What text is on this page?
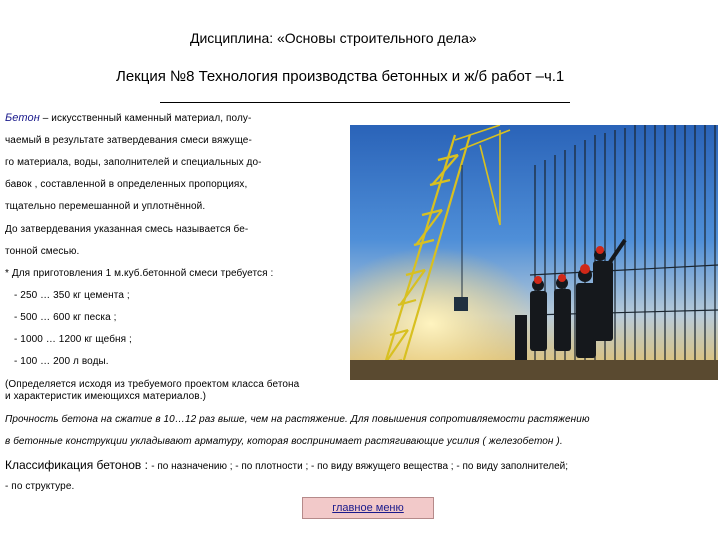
Дисциплина: «Основы строительного дела»
Лекция №8 Технология производства бетонных и ж/б работ –ч.1
Бетон – искусственный каменный материал, полу-
чаемый в результате затвердевания смеси вяжуще-
го материала, воды, заполнителей и специальных до-
бавок , составленной в определенных пропорциях,
тщательно перемешанной и уплотнённой.
До затвердевания указанная смесь называется бе-
тонной смесью.
* Для приготовления 1 м.куб.бетонной смеси требуется :
- 250 … 350 кг цемента ;
- 500 … 600 кг песка ;
- 1000 … 1200 кг щебня ;
- 100 … 200 л воды.
(Определяется исходя из требуемого проектом класса бетона
и характеристик имеющихся материалов.)
Прочность бетона на сжатие в 10…12 раз выше, чем на растяжение. Для повышения сопротивляемости растяжению
в бетонные конструкции укладывают арматуру, которая воспринимает растягивающие усилия ( железобетон ).
Классификация бетонов : - по назначению ; - по плотности ; - по виду вяжущего вещества ; - по виду заполнителей;
- по структуре.
главное меню
